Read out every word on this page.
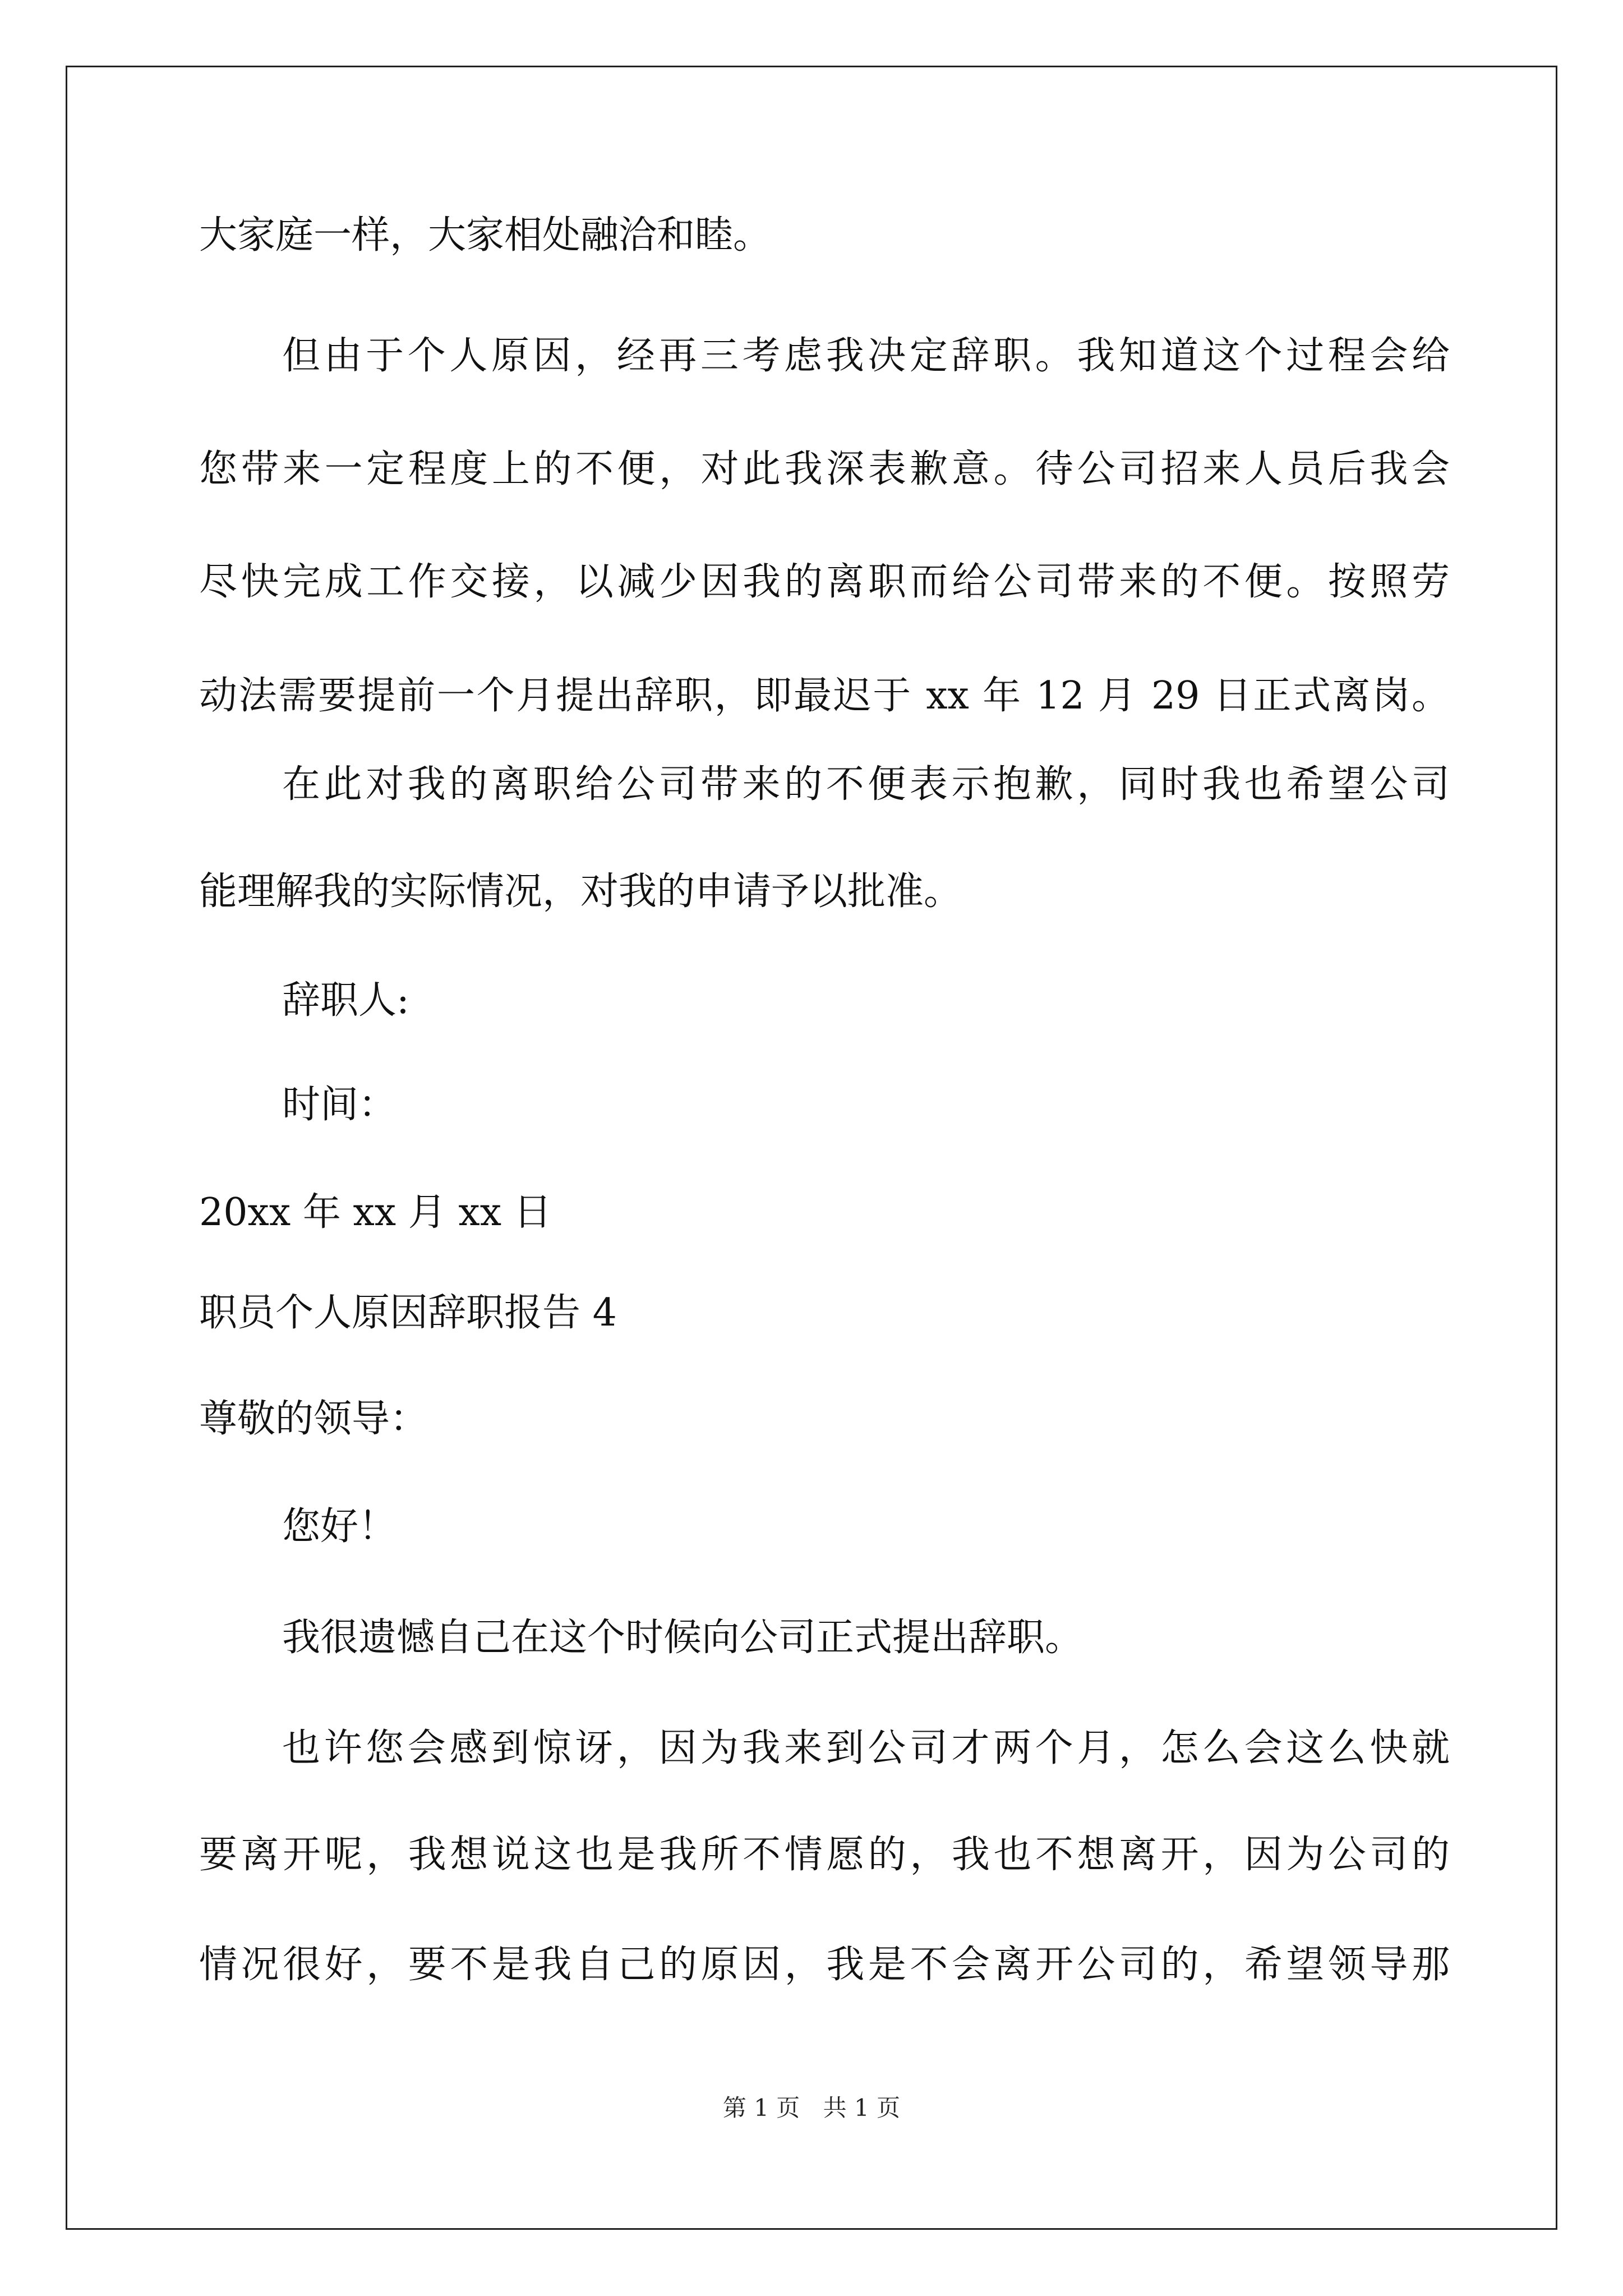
大家庭一样，大家相处融洽和睦。
但由于个人原因，经再三考虑我决定辞职。我知道这个过程会给
您带来一定程度上的不便，对此我深表歉意。待公司招来人员后我会
尽快完成工作交接，以减少因我的离职而给公司带来的不便。按照劳
动法需要提前一个月提出辞职，即最迟于 xx 年 12 月 29 日正式离岗。
在此对我的离职给公司带来的不便表示抱歉，同时我也希望公司
能理解我的实际情况，对我的申请予以批准。
辞职人:
时间：
20xx 年 xx 月 xx 日
职员个人原因辞职报告 4
尊敬的领导：
您好！
我很遗憾自己在这个时候向公司正式提出辞职。
也许您会感到惊讶，因为我来到公司才两个月，怎么会这么快就
要离开呢，我想说这也是我所不情愿的，我也不想离开，因为公司的
情况很好，要不是我自己的原因，我是不会离开公司的，希望领导那
第 1 页 共 1 页
